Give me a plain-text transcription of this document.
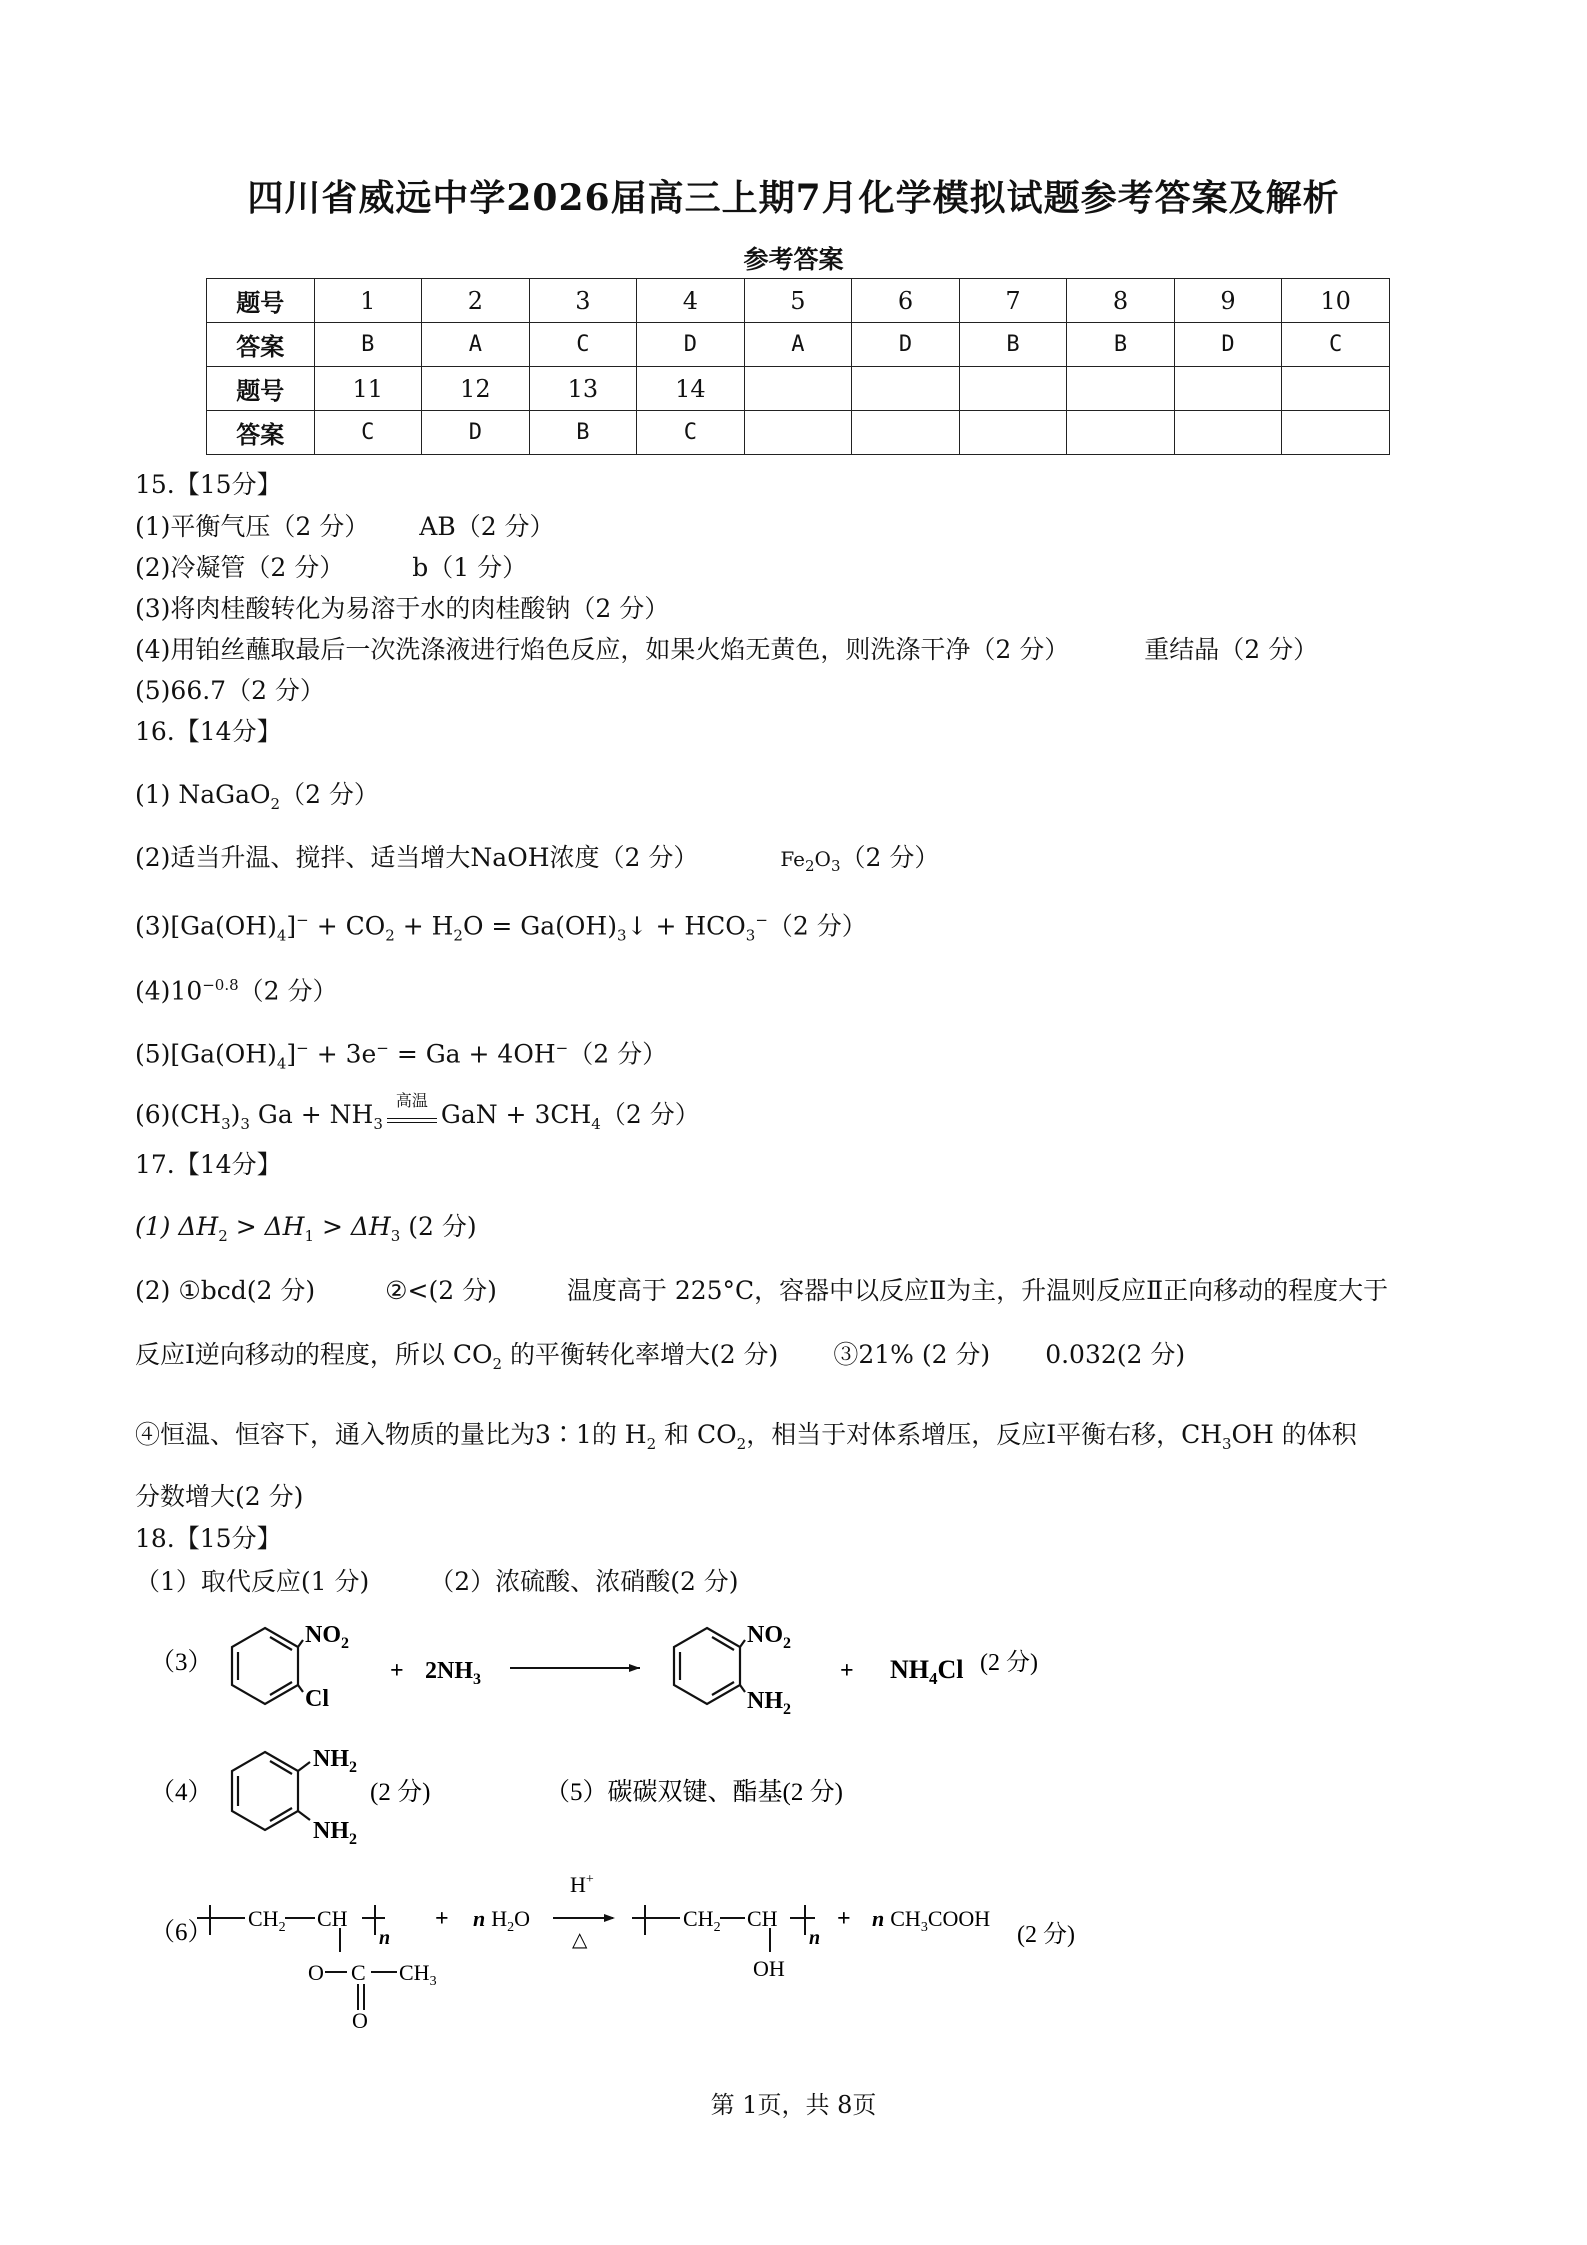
四川省威远中学2026届高三上期7月化学模拟试题参考答案及解析
参考答案
题号	1	2	3	4	5	6	7	8	9	10
答案	B	A	C	D	A	D	B	B	D	C
题号	11	12	13	14						
答案	C	D	B	C						
15.【15分】
(1)平衡气压（2 分） AB（2 分）
(2)冷凝管（2 分）	b（1 分）
(3)将肉桂酸转化为易溶于水的肉桂酸钠（2 分）
(4)用铂丝蘸取最后一次洗涤液进行焰色反应，如果火焰无黄色，则洗涤干净（2 分）	重结晶（2 分）
(5)66.7（2 分）
16.【14分】
(1) NaGaO$_2$（2 分）
(2)适当升温、搅拌、适当增大NaOH浓度（2 分）	$Fe_2O_3(2$ 分）
$(3)[Ga(OH)_4]^- + CO_2 + H_2O$ = $Ga(OH)_3↓ + HCO_3^-(2$ 分）
$(4)10^{-0.8}(2$ 分）
$(5)[Ga(OH)_4]^- + 3e^- = Ga + 4OH^-(2$ 分）
$(6)(CH_3)_3$ $Ga + NH_3$
高温 GaN + $3CH_4(2$ 分）
17.【14分】
(1) $\Delta H_2 > \Delta H_1 > \Delta H_3$ (2 分)
(2) ①bcd(2 分)	②<(2 分)	温度高于 225°C，容器中以反应Ⅱ为主，升温则反应Ⅱ正向移动的程度大于
反应Ⅰ逆向移动的程度，所以 $CO_2$ 的平衡转化率增大(2 分) ③21% (2 分) 0.032(2 分)
④恒温、恒容下，通入物质的量比为3∶1的 $H_2$ 和 $CO_2$，相当于对体系增压，反应Ⅰ平衡右移，$CH_3OH$ 的体积
分数增大(2 分)
18.【15分】
（1）取代反应(1 分) （2）浓硫酸、浓硝酸(2 分)
（3）
$NO_2$
Cl
+ $2NH_3$
$NO_2$
$NH_2$
+ $NH_4Cl$ (2 分)
（4）
$NH_2$
$NH_2$
(2 分)	（5）碳碳双键、酯基(2 分)
（6）
$CH_2$ CH
n
O C $CH_3$
O
+ n $H_2O$
H+
△
$CH_2$ CH
n
OH
+ n $CH_3COOH$
(2 分)
第 1页，共 8页
